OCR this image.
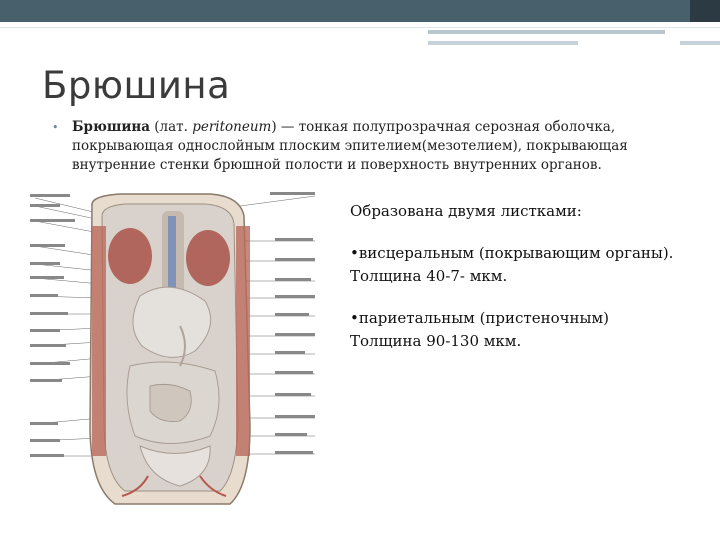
Брюшина
• Брюшина (лат. peritoneum) — тонкая полупрозрачная серозная оболочка, покрывающая однослойным плоским эпителием(мезотелием), покрывающая внутренние стенки брюшной полости и поверхность внутренних органов.

Образована двумя листками:

•висцеральным (покрывающим органы). Толщина 40-7- мкм.

•париетальным (пристеночным) Толщина 90-130 мкм.
